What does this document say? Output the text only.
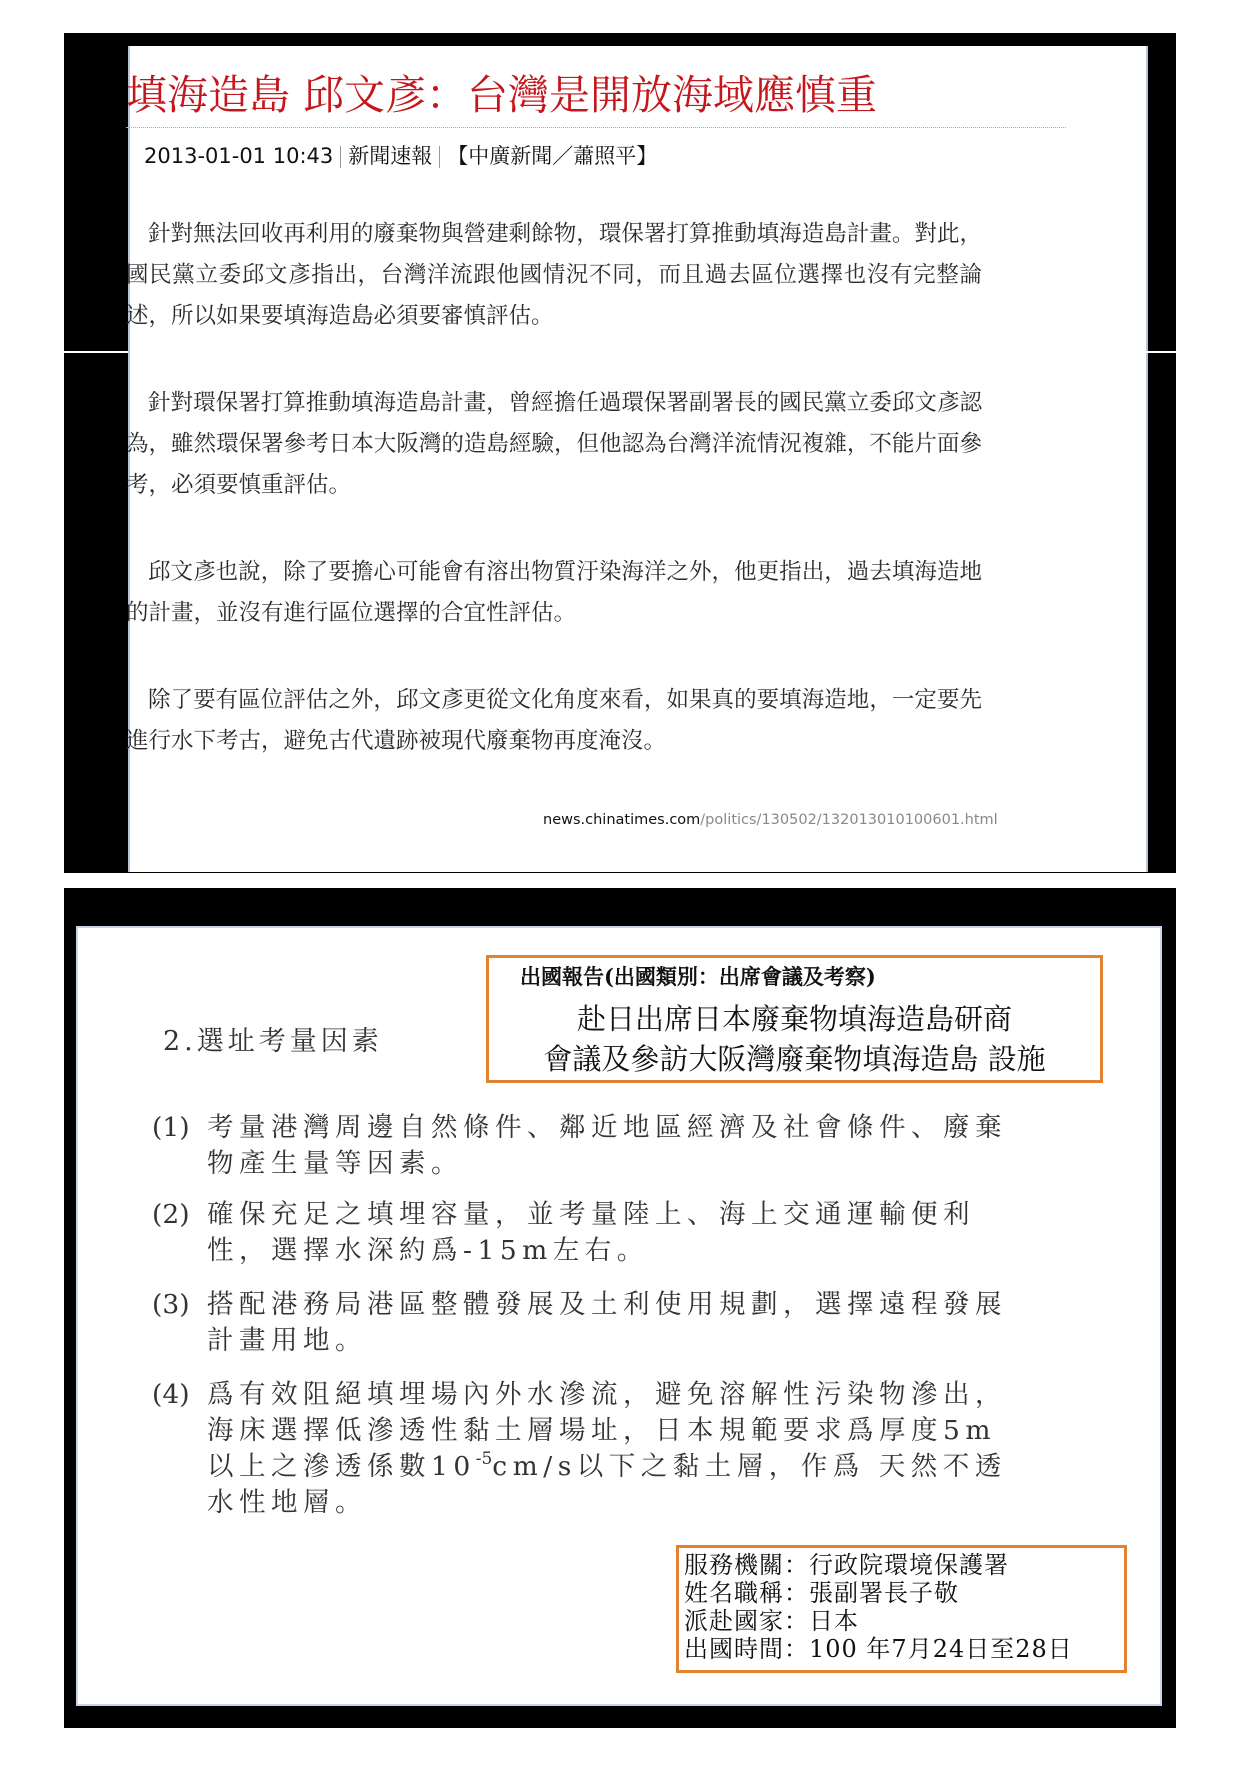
填海造島 邱文彥：台灣是開放海域應慎重
2013-01-01 10:43 新聞速報 【中廣新聞／蕭照平】

針對無法回收再利用的廢棄物與營建剩餘物，環保署打算推動填海造島計畫。對此，國民黨立委邱文彥指出，台灣洋流跟他國情況不同，而且過去區位選擇也沒有完整論述，所以如果要填海造島必須要審慎評估。

針對環保署打算推動填海造島計畫，曾經擔任過環保署副署長的國民黨立委邱文彥認為，雖然環保署參考日本大阪灣的造島經驗，但他認為台灣洋流情況複雜，不能片面參考，必須要慎重評估。

邱文彥也說，除了要擔心可能會有溶出物質汙染海洋之外，他更指出，過去填海造地的計畫，並沒有進行區位選擇的合宜性評估。

除了要有區位評估之外，邱文彥更從文化角度來看，如果真的要填海造地，一定要先進行水下考古，避免古代遺跡被現代廢棄物再度淹沒。

news.chinatimes.com/politics/130502/132013010100601.html
出國報告(出國類別：出席會議及考察)
赴日出席日本廢棄物填海造島研商
會議及參訪大阪灣廢棄物填海造島 設施
2.選址考量因素
(1) 考量港灣周邊自然條件、鄰近地區經濟及社會條件、廢棄物產生量等因素。
(2) 確保充足之填埋容量，並考量陸上、海上交通運輸便利性，選擇水深約爲-15m左右。
(3) 搭配港務局港區整體發展及土利使用規劃，選擇遠程發展計畫用地。
(4) 爲有效阻絕填埋場內外水滲流，避免溶解性污染物滲出，海床選擇低滲透性黏土層場址，日本規範要求爲厚度5m以上之滲透係數$10^{-5}cm/s$以下之黏土層，作爲 天然不透水性地層。
服務機關：行政院環境保護署
姓名職稱：張副署長子敬
派赴國家：日本
出國時間：100 年7月24日至28日
